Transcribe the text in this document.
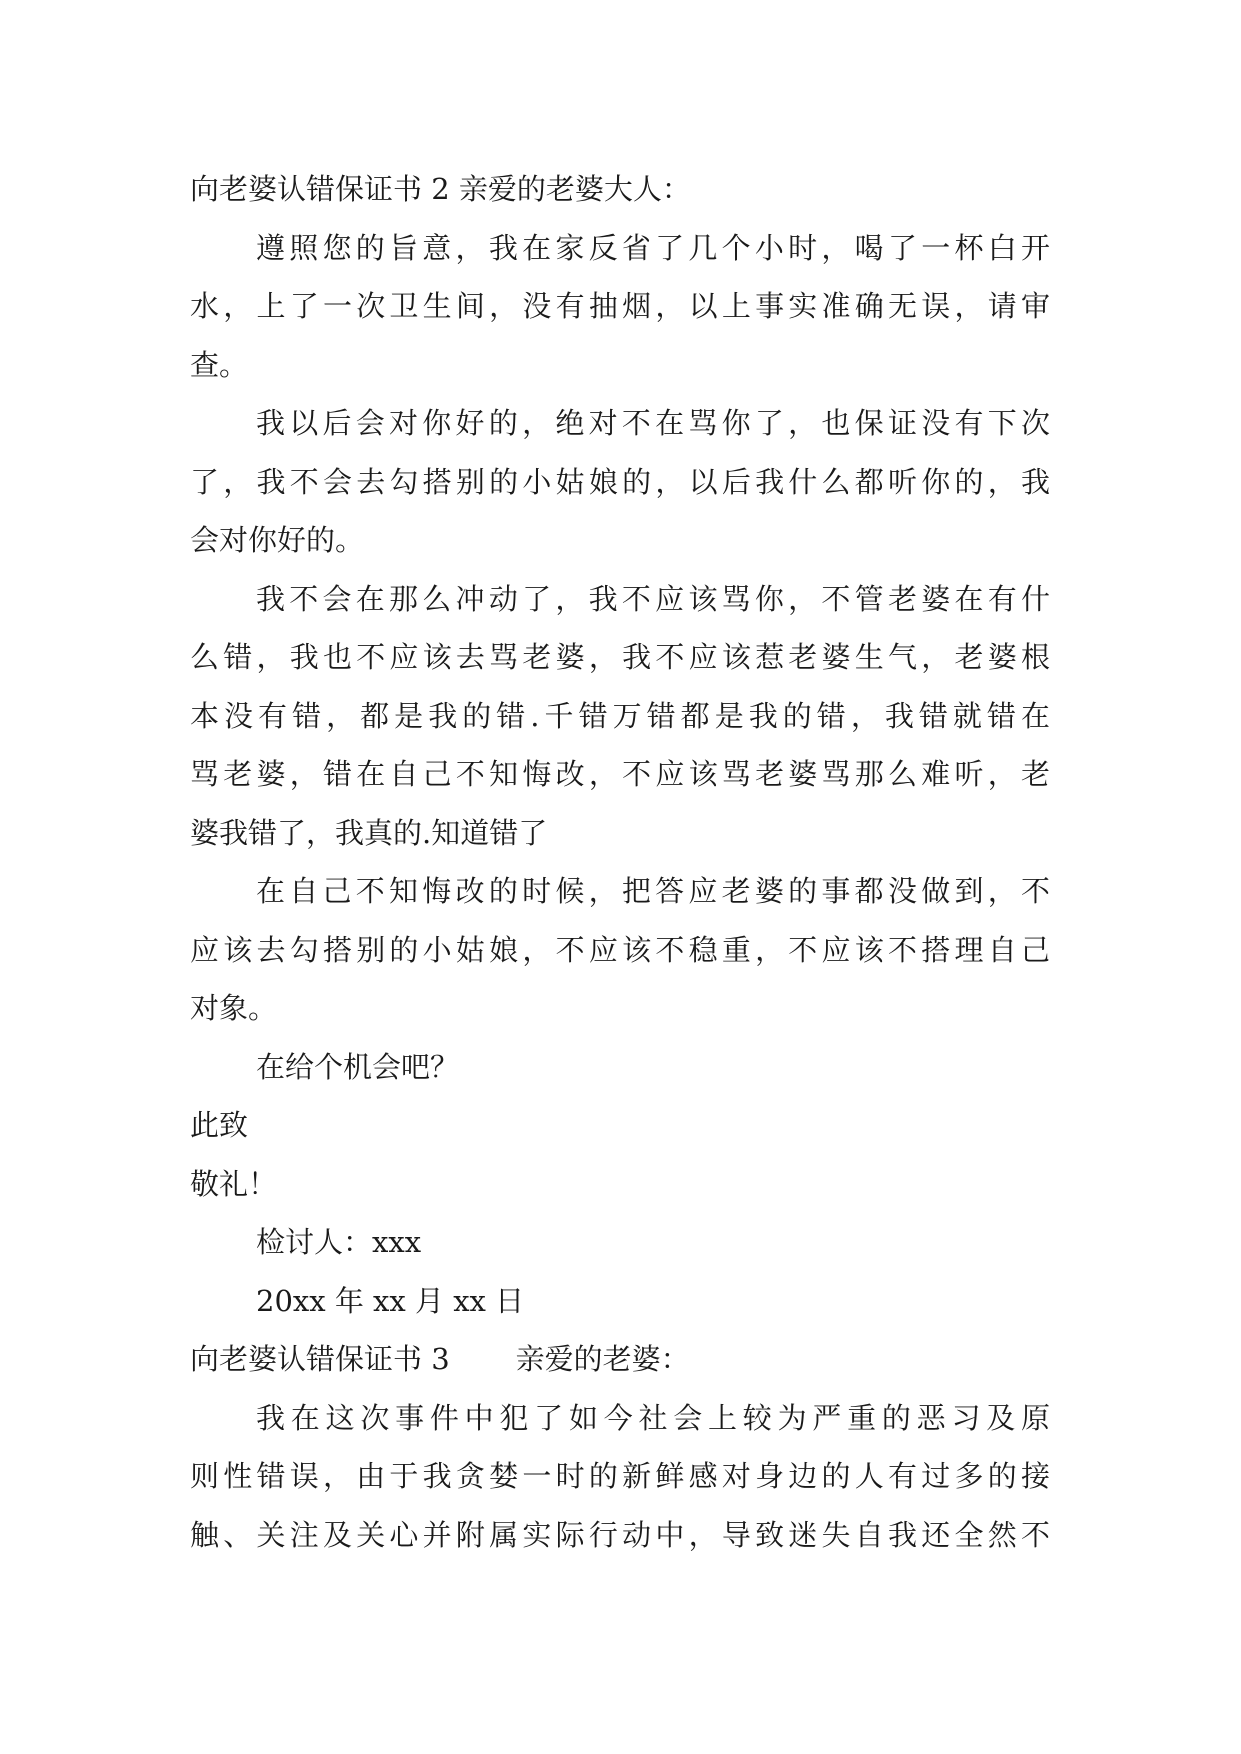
向老婆认错保证书 2 亲爱的老婆大人：
遵照您的旨意，我在家反省了几个小时，喝了一杯白开
水，上了一次卫生间，没有抽烟，以上事实准确无误，请审
查。
我以后会对你好的，绝对不在骂你了，也保证没有下次
了，我不会去勾搭别的小姑娘的，以后我什么都听你的，我
会对你好的。
我不会在那么冲动了，我不应该骂你，不管老婆在有什
么错，我也不应该去骂老婆，我不应该惹老婆生气，老婆根
本没有错，都是我的错.千错万错都是我的错，我错就错在
骂老婆，错在自己不知悔改，不应该骂老婆骂那么难听，老
婆我错了，我真的.知道错了
在自己不知悔改的时候，把答应老婆的事都没做到，不
应该去勾搭别的小姑娘，不应该不稳重，不应该不搭理自己
对象。
在给个机会吧？
此致
敬礼！
检讨人：xxx
20xx 年 xx 月 xx 日
向老婆认错保证书 3 亲爱的老婆：
我在这次事件中犯了如今社会上较为严重的恶习及原
则性错误，由于我贪婪一时的新鲜感对身边的人有过多的接
触、关注及关心并附属实际行动中，导致迷失自我还全然不
